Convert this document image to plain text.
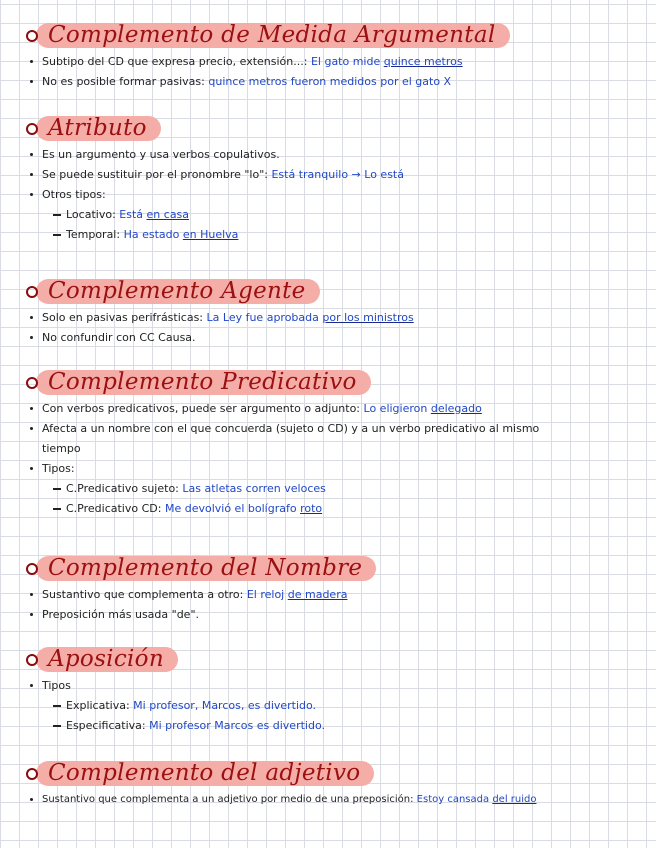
Complemento de Medida Argumental
Subtipo del CD que expresa precio, extensión...: El gato mide quince metros
No es posible formar pasivas: quince metros fueron medidos por el gato X
Atributo
Es un argumento y usa verbos copulativos.
Se puede sustituir por el pronombre "lo": Está tranquilo → Lo está
Otros tipos:
Locativo: Está en casa
Temporal: Ha estado en Huelva
Complemento Agente
Solo en pasivas perifrásticas: La Ley fue aprobada por los ministros
No confundir con CC Causa.
Complemento Predicativo
Con verbos predicativos, puede ser argumento o adjunto: Lo eligieron delegado
Afecta a un nombre con el que concuerda (sujeto o CD) y a un verbo predicativo al mismo
tiempo
Tipos:
C.Predicativo sujeto: Las atletas corren veloces
C.Predicativo CD: Me devolvió el bolígrafo roto
Complemento del Nombre
Sustantivo que complementa a otro: El reloj de madera
Preposición más usada "de".
Aposición
Tipos
Explicativa: Mi profesor, Marcos, es divertido.
Especificativa: Mi profesor Marcos es divertido.
Complemento del adjetivo
Sustantivo que complementa a un adjetivo por medio de una preposición: Estoy cansada del ruido
